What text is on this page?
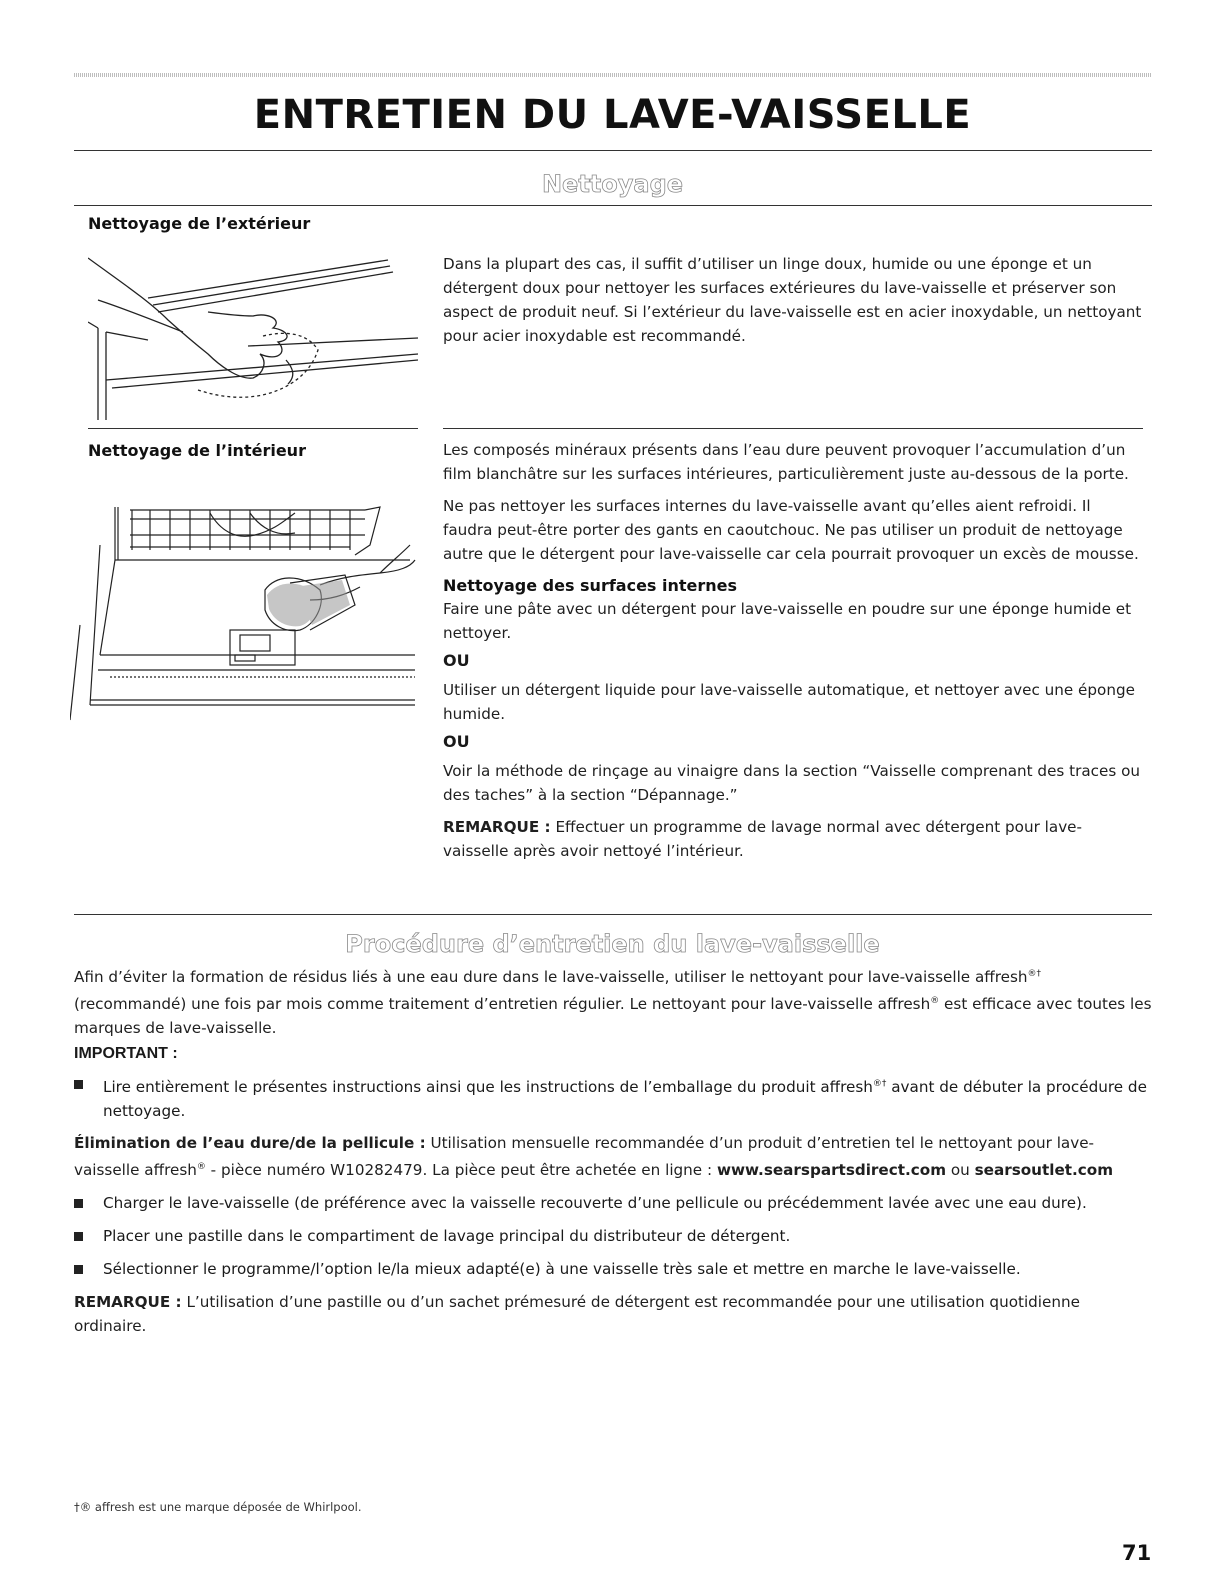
ENTRETIEN DU LAVE-VAISSELLE
Nettoyage
Nettoyage de l’extérieur

Dans la plupart des cas, il suffit d’utiliser un linge doux, humide ou une éponge et un détergent doux pour nettoyer les surfaces extérieures du lave-vaisselle et préserver son aspect de produit neuf. Si l’extérieur du lave-vaisselle est en acier inoxydable, un nettoyant pour acier inoxydable est recommandé.

Nettoyage de l’intérieur	Les composés minéraux présents dans l’eau dure peuvent provoquer l’accumulation d’un film blanchâtre sur les surfaces intérieures, particulièrement juste au-dessous de la porte.

Ne pas nettoyer les surfaces internes du lave-vaisselle avant qu’elles aient refroidi. Il faudra peut-être porter des gants en caoutchouc. Ne pas utiliser un produit de nettoyage autre que le détergent pour lave-vaisselle car cela pourrait provoquer un excès de mousse.

Nettoyage des surfaces internes

Faire une pâte avec un détergent pour lave-vaisselle en poudre sur une éponge humide et nettoyer.

OU

Utiliser un détergent liquide pour lave-vaisselle automatique, et nettoyer avec une éponge humide.

OU

Voir la méthode de rinçage au vinaigre dans la section “Vaisselle comprenant des traces ou des taches” à la section “Dépannage.”

REMARQUE : Effectuer un programme de lavage normal avec détergent pour lave-vaisselle après avoir nettoyé l’intérieur.

Procédure d’entretien du lave-vaisselle

Afin d’éviter la formation de résidus liés à une eau dure dans le lave-vaisselle, utiliser le nettoyant pour lave-vaisselle affresh®† (recommandé) une fois par mois comme traitement d’entretien régulier. Le nettoyant pour lave-vaisselle affresh® est efficace avec toutes les marques de lave-vaisselle.

IMPORTANT :
Lire entièrement le présentes instructions ainsi que les instructions de l’emballage du produit affresh®† avant de débuter la procédure de nettoyage.

Élimination de l’eau dure/de la pellicule : Utilisation mensuelle recommandée d’un produit d’entretien tel le nettoyant pour lave-vaisselle affresh® - pièce numéro W10282479. La pièce peut être achetée en ligne : www.searspartsdirect.com ou searsoutlet.com

Charger le lave-vaisselle (de préférence avec la vaisselle recouverte d’une pellicule ou précédemment lavée avec une eau dure).
Placer une pastille dans le compartiment de lavage principal du distributeur de détergent.
Sélectionner le programme/l’option le/la mieux adapté(e) à une vaisselle très sale et mettre en marche le lave-vaisselle.

REMARQUE : L’utilisation d’une pastille ou d’un sachet prémesuré de détergent est recommandée pour une utilisation quotidienne ordinaire.

†® affresh est une marque déposée de Whirlpool.
71
